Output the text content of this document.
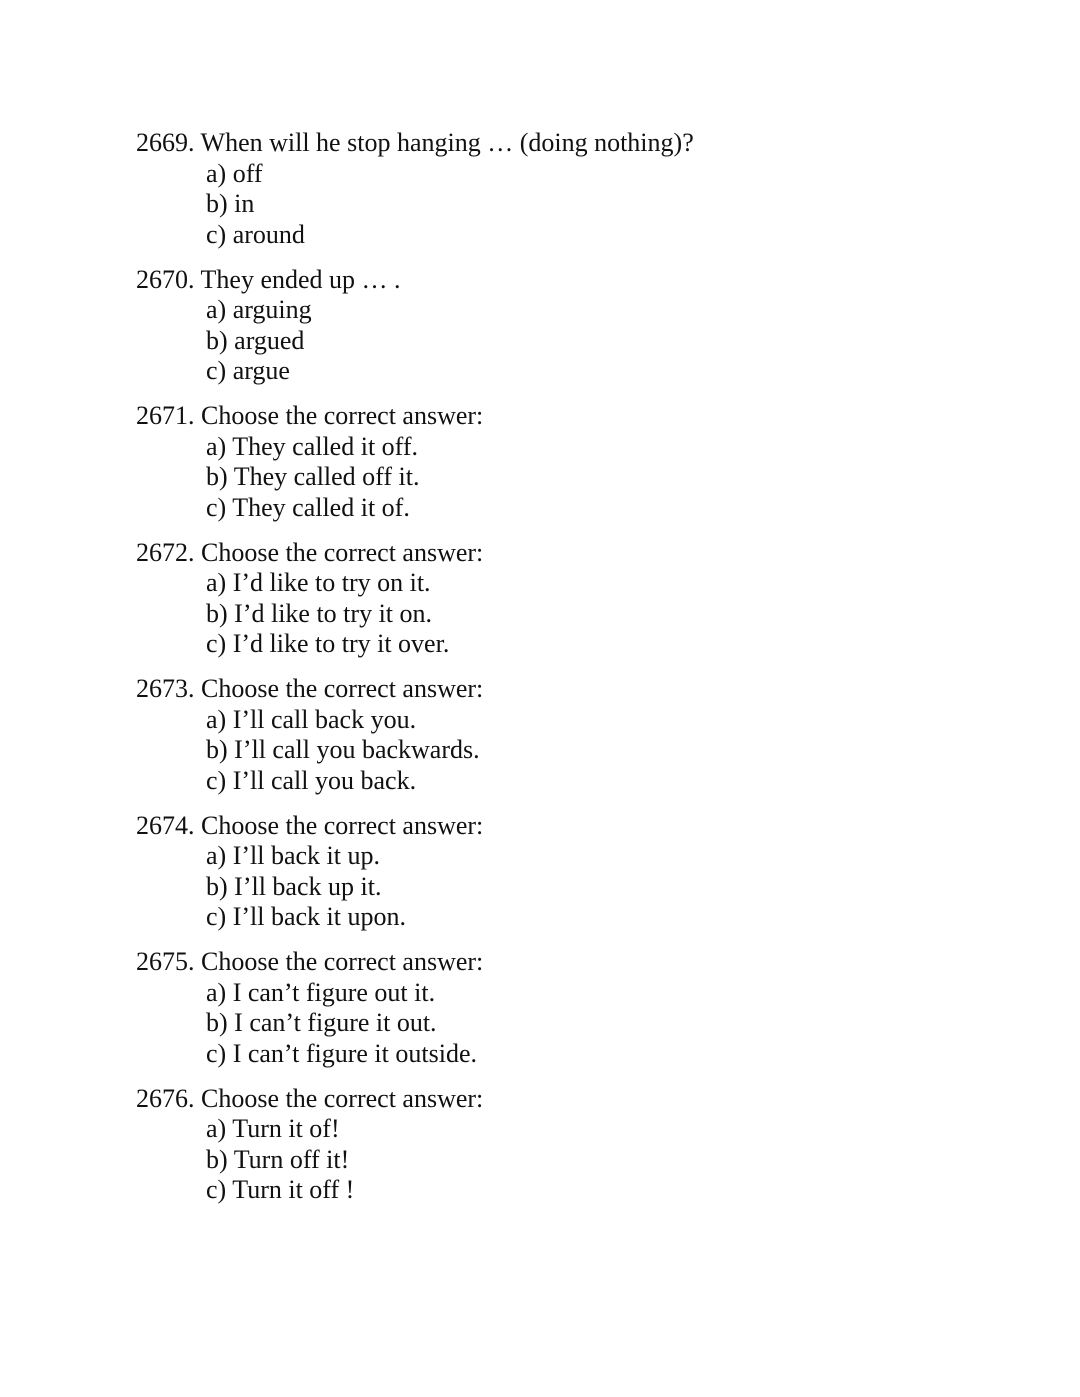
2669. When will he stop hanging … (doing nothing)?
a) off
b) in
c) around
2670. They ended up … .
a) arguing
b) argued
c) argue
2671. Choose the correct answer:
a) They called it off.
b) They called off it.
c) They called it of.
2672. Choose the correct answer:
a) I’d like to try on it.
b) I’d like to try it on.
c) I’d like to try it over.
2673. Choose the correct answer:
a) I’ll call back you.
b) I’ll call you backwards.
c) I’ll call you back.
2674. Choose the correct answer:
a) I’ll back it up.
b) I’ll back up it.
c) I’ll back it upon.
2675. Choose the correct answer:
a) I can’t figure out it.
b) I can’t figure it out.
c) I can’t figure it outside.
2676. Choose the correct answer:
a) Turn it of!
b) Turn off it!
c) Turn it off !
